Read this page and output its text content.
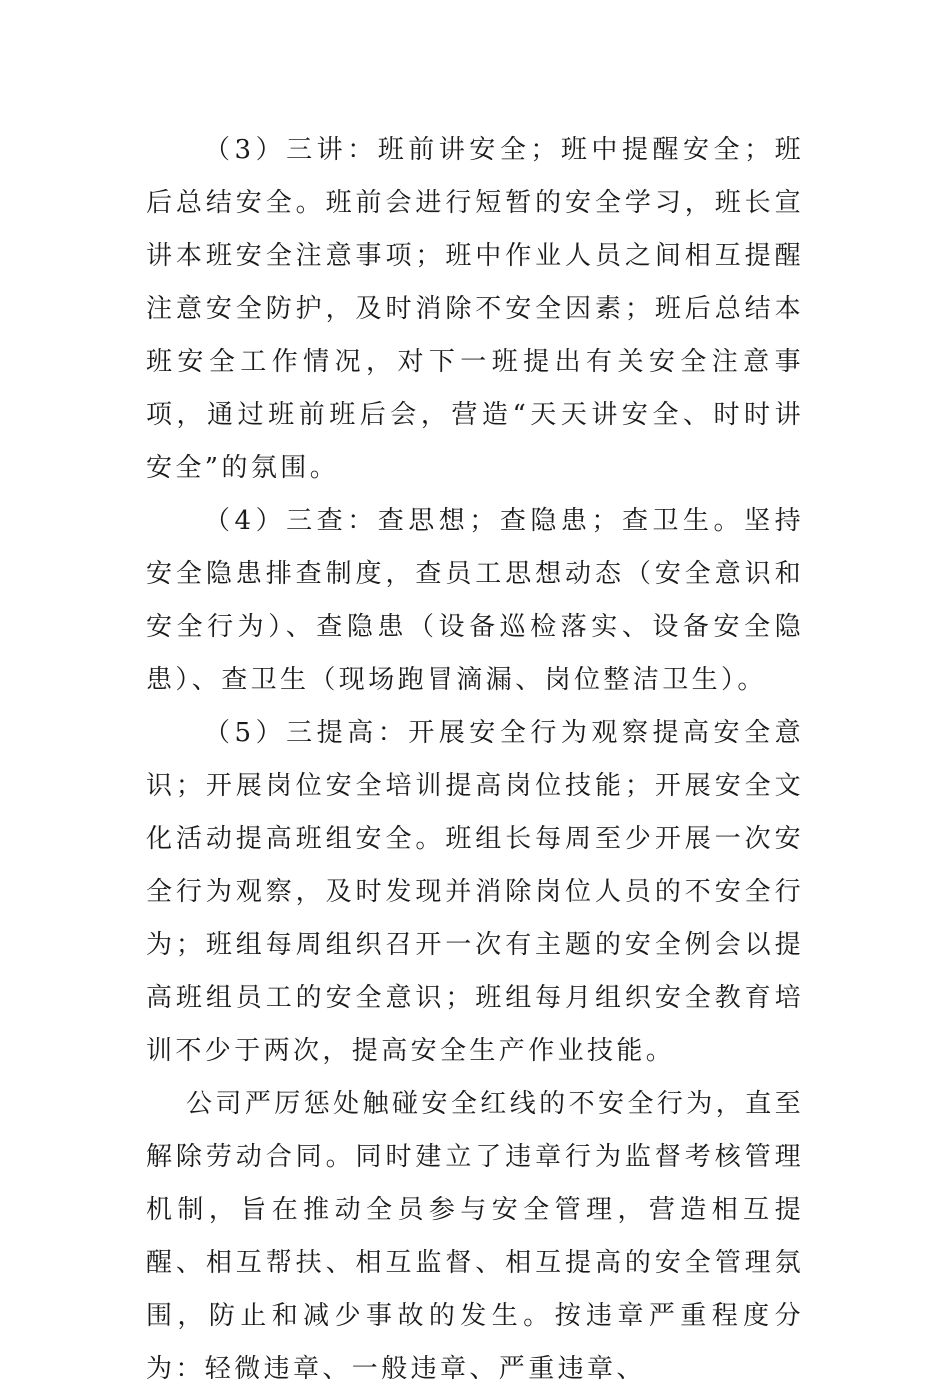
（3）三讲：班前讲安全；班中提醒安全；班后总结安全。班前会进行短暂的安全学习，班长宣讲本班安全注意事项；班中作业人员之间相互提醒注意安全防护，及时消除不安全因素；班后总结本班安全工作情况，对下一班提出有关安全注意事项，通过班前班后会，营造“天天讲安全、时时讲安全”的氛围。

（4）三查：查思想；查隐患；查卫生。坚持安全隐患排查制度，查员工思想动态（安全意识和安全行为）、查隐患（设备巡检落实、设备安全隐患）、查卫生（现场跑冒滴漏、岗位整洁卫生）。

（5）三提高：开展安全行为观察提高安全意识；开展岗位安全培训提高岗位技能；开展安全文化活动提高班组安全。班组长每周至少开展一次安全行为观察，及时发现并消除岗位人员的不安全行为；班组每周组织召开一次有主题的安全例会以提高班组员工的安全意识；班组每月组织安全教育培训不少于两次，提高安全生产作业技能。

公司严厉惩处触碰安全红线的不安全行为，直至解除劳动合同。同时建立了违章行为监督考核管理机制，旨在推动全员参与安全管理，营造相互提醒、相互帮扶、相互监督、相互提高的安全管理氛围，防止和减少事故的发生。按违章严重程度分为：轻微违章、一般违章、严重违章、
